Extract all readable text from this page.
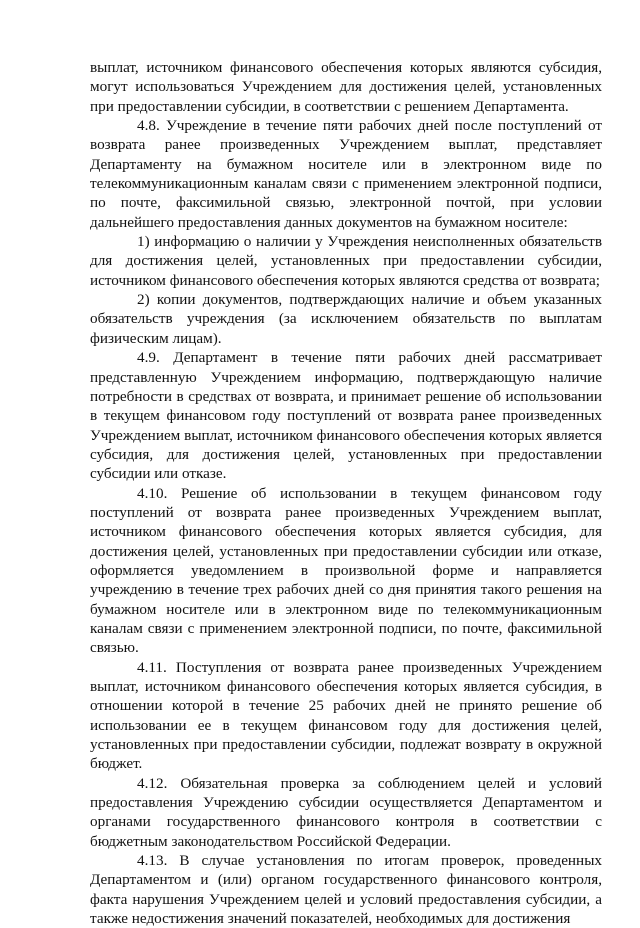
выплат, источником финансового обеспечения которых являются субсидия, могут использоваться Учреждением для достижения целей, установленных при предоставлении субсидии, в соответствии с решением Департамента.

4.8. Учреждение в течение пяти рабочих дней после поступлений от возврата ранее произведенных Учреждением выплат, представляет Департаменту на бумажном носителе или в электронном виде по телекоммуникационным каналам связи с применением электронной подписи, по почте, факсимильной связью, электронной почтой, при условии дальнейшего предоставления данных документов на бумажном носителе:

1) информацию о наличии у Учреждения неисполненных обязательств для достижения целей, установленных при предоставлении субсидии, источником финансового обеспечения которых являются средства от возврата;

2) копии документов, подтверждающих наличие и объем указанных обязательств учреждения (за исключением обязательств по выплатам физическим лицам).

4.9. Департамент в течение пяти рабочих дней рассматривает представленную Учреждением информацию, подтверждающую наличие потребности в средствах от возврата, и принимает решение об использовании в текущем финансовом году поступлений от возврата ранее произведенных Учреждением выплат, источником финансового обеспечения которых является субсидия, для достижения целей, установленных при предоставлении субсидии или отказе.

4.10. Решение об использовании в текущем финансовом году поступлений от возврата ранее произведенных Учреждением выплат, источником финансового обеспечения которых является субсидия, для достижения целей, установленных при предоставлении субсидии или отказе, оформляется уведомлением в произвольной форме и направляется учреждению в течение трех рабочих дней со дня принятия такого решения на бумажном носителе или в электронном виде по телекоммуникационным каналам связи с применением электронной подписи, по почте, факсимильной связью.

4.11. Поступления от возврата ранее произведенных Учреждением выплат, источником финансового обеспечения которых является субсидия, в отношении которой в течение 25 рабочих дней не принято решение об использовании ее в текущем финансовом году для достижения целей, установленных при предоставлении субсидии, подлежат возврату в окружной бюджет.

4.12. Обязательная проверка за соблюдением целей и условий предоставления Учреждению субсидии осуществляется Департаментом и органами государственного финансового контроля в соответствии с бюджетным законодательством Российской Федерации.

4.13. В случае установления по итогам проверок, проведенных Департаментом и (или) органом государственного финансового контроля, факта нарушения Учреждением целей и условий предоставления субсидии, а также недостижения значений показателей, необходимых для достижения
